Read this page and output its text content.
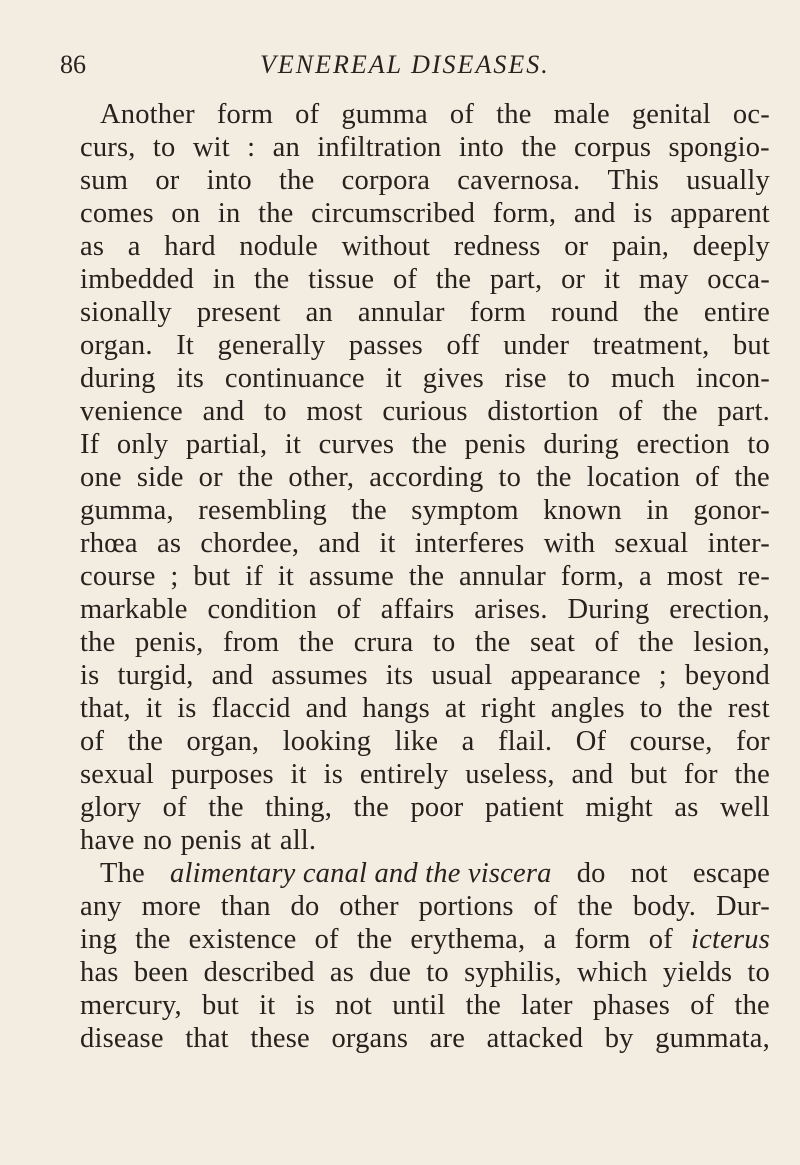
86	VENEREAL DISEASES.
Another form of gumma of the male genital oc-
curs, to wit : an infiltration into the corpus spongio-
sum or into the corpora cavernosa. This usually
comes on in the circumscribed form, and is apparent
as a hard nodule without redness or pain, deeply
imbedded in the tissue of the part, or it may occa-
sionally present an annular form round the entire
organ. It generally passes off under treatment, but
during its continuance it gives rise to much incon-
venience and to most curious distortion of the part.
If only partial, it curves the penis during erection to
one side or the other, according to the location of the
gumma, resembling the symptom known in gonor-
rhœa as chordee, and it interferes with sexual inter-
course ; but if it assume the annular form, a most re-
markable condition of affairs arises. During erection,
the penis, from the crura to the seat of the lesion,
is turgid, and assumes its usual appearance ; beyond
that, it is flaccid and hangs at right angles to the rest
of the organ, looking like a flail. Of course, for
sexual purposes it is entirely useless, and but for the
glory of the thing, the poor patient might as well
have no penis at all.
The alimentary canal and the viscera do not escape
any more than do other portions of the body. Dur-
ing the existence of the erythema, a form of icterus
has been described as due to syphilis, which yields to
mercury, but it is not until the later phases of the
disease that these organs are attacked by gummata,
